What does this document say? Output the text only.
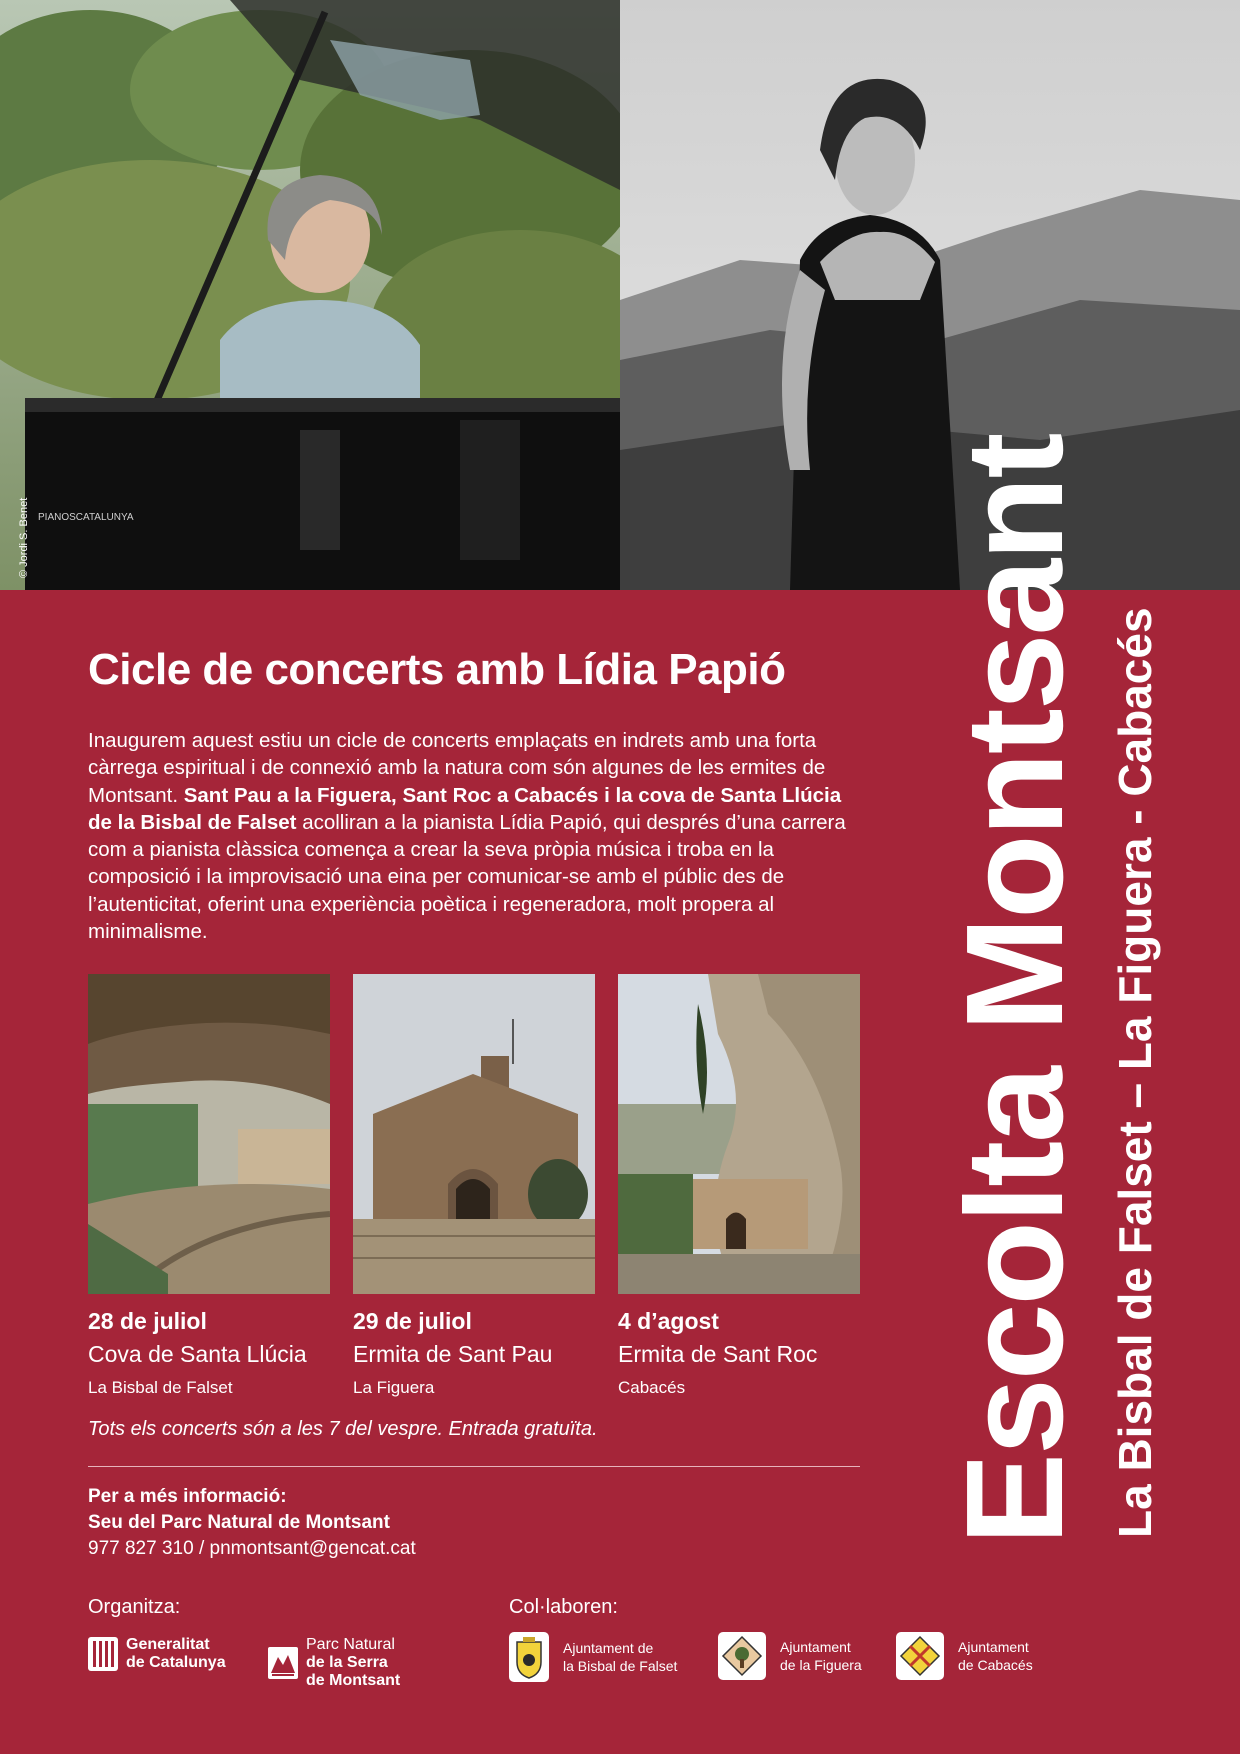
PIANOSCATALUNYA
© Jordi S. Benet	Escolta Montsant La Bisbal de Falset – La Figuera - Cabacés
Cicle de concerts amb Lídia Papió

Inaugurem aquest estiu un cicle de concerts emplaçats en indrets amb una forta càrrega espiritual i de connexió amb la natura com són algunes de les ermites de Montsant. Sant Pau a la Figuera, Sant Roc a Cabacés i la cova de Santa Llúcia de la Bisbal de Falset acolliran a la pianista Lídia Papió, qui després d’una carrera com a pianista clàssica comença a crear la seva pròpia música i troba en la composició i la improvisació una eina per comunicar-se amb el públic des de l’autenticitat, oferint una experiència poètica i regeneradora, molt propera al minimalisme.

28 de juliol
Cova de Santa Llúcia
La Bisbal de Falset
29 de juliol
Ermita de Sant Pau
La Figuera
4 d’agost
Ermita de Sant Roc
Cabacés

Tots els concerts són a les 7 del vespre. Entrada gratuïta.

Per a més informació:
Seu del Parc Natural de Montsant
977 827 310 / pnmontsant@gencat.cat
Organitza:	Col·laboren:
Generalitat
de Catalunya
Parc Natural
de la Serra
de Montsant
Ajuntament de
la Bisbal de Falset
Ajuntament
de la Figuera
Ajuntament
de Cabacés
